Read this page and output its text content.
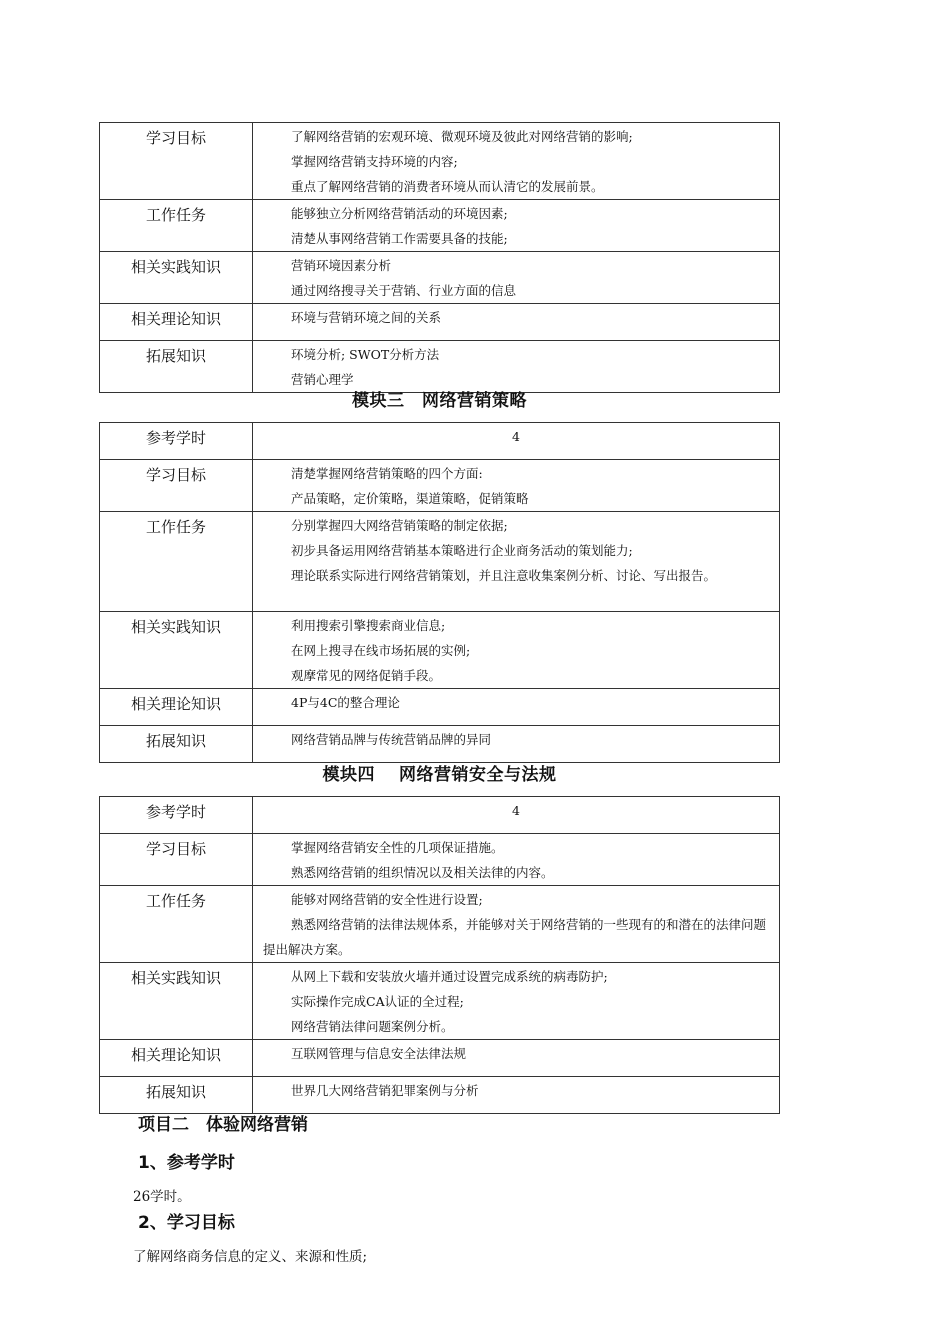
学习目标	了解网络营销的宏观环境、微观环境及彼此对网络营销的影响;

掌握网络营销支持环境的内容;

重点了解网络营销的消费者环境从而认清它的发展前景。

工作任务	能够独立分析网络营销活动的环境因素;

清楚从事网络营销工作需要具备的技能;

相关实践知识	营销环境因素分析

通过网络搜寻关于营销、行业方面的信息

相关理论知识	环境与营销环境之间的关系

拓展知识	环境分析; SWOT分析方法

营销心理学

模块三　网络营销策略
参考学时	4
学习目标	清楚掌握网络营销策略的四个方面:

产品策略，定价策略，渠道策略，促销策略

工作任务	分别掌握四大网络营销策略的制定依据;

初步具备运用网络营销基本策略进行企业商务活动的策划能力;

理论联系实际进行网络营销策划，并且注意收集案例分析、讨论、写出报告。

相关实践知识	利用搜索引擎搜索商业信息;

在网上搜寻在线市场拓展的实例;

观摩常见的网络促销手段。

相关理论知识	4P与4C的整合理论

拓展知识	网络营销品牌与传统营销品牌的异同

模块四　 网络营销安全与法规
参考学时	4
学习目标	掌握网络营销安全性的几项保证措施。

熟悉网络营销的组织情况以及相关法律的内容。

工作任务	能够对网络营销的安全性进行设置;

熟悉网络营销的法律法规体系，并能够对关于网络营销的一些现有的和潜在的法律问题提出解决方案。

相关实践知识	从网上下载和安装放火墙并通过设置完成系统的病毒防护;

实际操作完成CA认证的全过程;

网络营销法律问题案例分析。

相关理论知识	互联网管理与信息安全法律法规

拓展知识	世界几大网络营销犯罪案例与分析

项目二　体验网络营销
1、参考学时
26学时。
2、学习目标
了解网络商务信息的定义、来源和性质;
